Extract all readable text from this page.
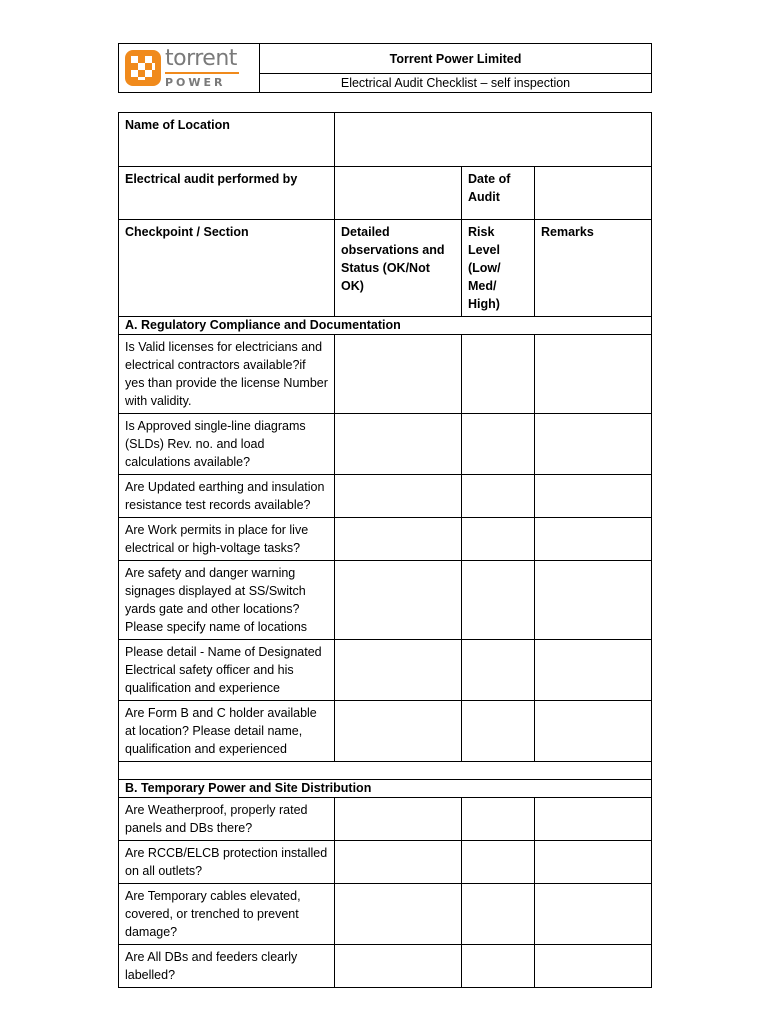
torrent
POWER
	Torrent Power Limited
Electrical Audit Checklist – self inspection
Name of Location			
Electrical audit performed by		Date of Audit	
Checkpoint / Section	Detailed observations and Status (OK/Not OK)	Risk Level (Low/ Med/ High)	Remarks
A. Regulatory Compliance and Documentation			
Is Valid licenses for electricians and electrical contractors available?if yes than provide the license Number with validity.			
Is Approved single-line diagrams (SLDs) Rev. no. and load calculations available?			
Are Updated earthing and insulation resistance test records available?			
Are Work permits in place for live electrical or high-voltage tasks?			
Are safety and danger warning signages displayed at SS/Switch yards gate and other locations? Please specify name of locations			
Please detail - Name of Designated Electrical safety officer and his qualification and experience			
Are Form B and C holder available at location? Please detail name, qualification and experienced			

B. Temporary Power and Site Distribution			
Are Weatherproof, properly rated panels and DBs there?			
Are RCCB/ELCB protection installed on all outlets?			
Are Temporary cables elevated, covered, or trenched to prevent damage?			
Are All DBs and feeders clearly labelled?			
